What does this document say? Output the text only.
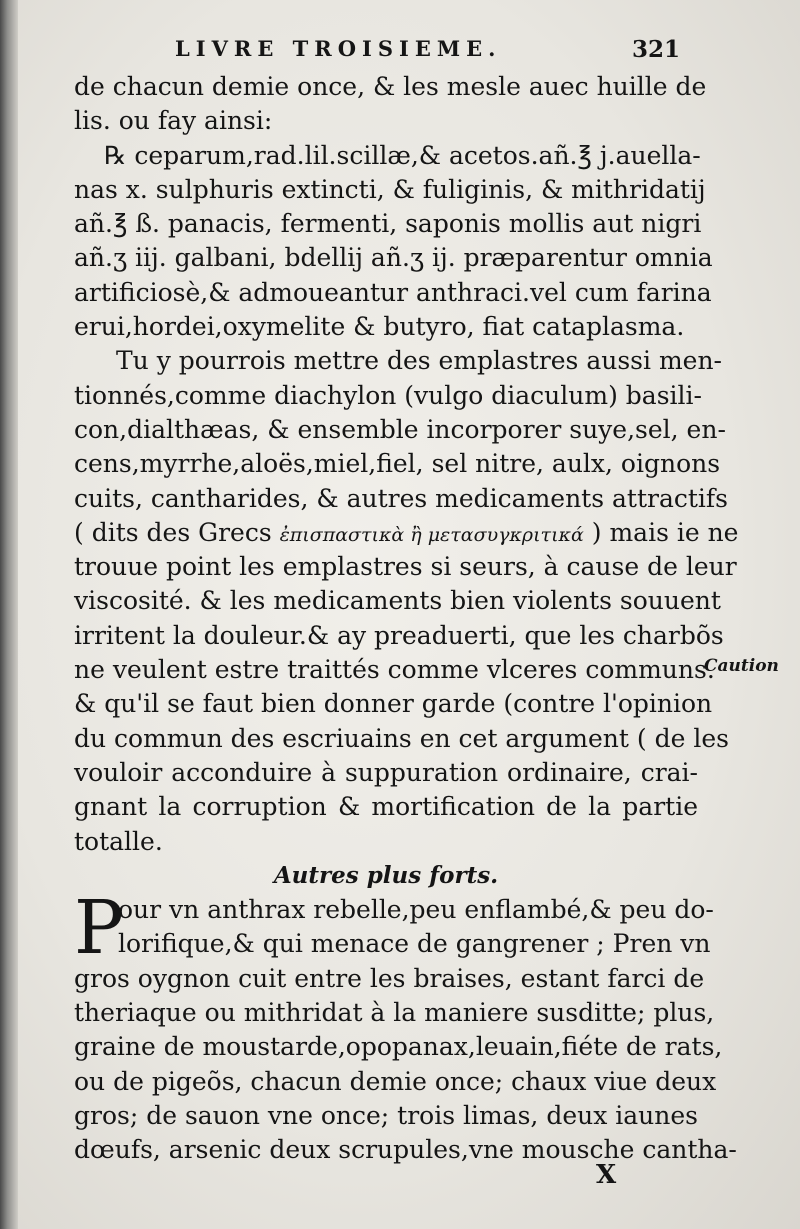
LIVRE TROISIEME.	321
de chacun demie once, & les mesle auec huille de
lis. ou fay ainsi:
℞ ceparum,rad.lil.scillæ,& acetos.añ.℥ j.auella-
nas x. sulphuris extincti, & fuliginis, & mithridatij
añ.℥ ß. panacis, fermenti, saponis mollis aut nigri
añ.ʒ iij. galbani, bdellij añ.ʒ ij. præparentur omnia
artificiosè,& admoueantur anthraci.vel cum farina
erui,hordei,oxymelite & butyro, fiat cataplasma.
Tu y pourrois mettre des emplastres aussi men-
tionnés,comme diachylon (vulgo diaculum) basili-
con,dialthæas, & ensemble incorporer suye,sel, en-
cens,myrrhe,aloës,miel,fiel, sel nitre, aulx, oignons
cuits, cantharides, & autres medicaments attractifs
( dits des Grecs ἐπισπαστικὰ ἢ μετασυγκριτικά ) mais ie ne
trouue point les emplastres si seurs, à cause de leur
viscosité. & les medicaments bien violents souuent
irritent la douleur.& ay preaduerti, que les charbõs
ne veulent estre traittés comme vlceres communs.
& qu'il se faut bien donner garde (contre l'opinion
du commun des escriuains en cet argument ( de les
vouloir acconduire à suppuration ordinaire, crai-
gnant la corruption & mortification de la partie
totalle.
Autres plus forts.
P
our vn anthrax rebelle,peu enflambé,& peu do-
lorifique,& qui menace de gangrener ; Pren vn
gros oygnon cuit entre les braises, estant farci de
theriaque ou mithridat à la maniere susditte; plus,
graine de moustarde,opopanax,leuain,fiéte de rats,
ou de pigeõs, chacun demie once; chaux viue deux
gros; de sauon vne once; trois limas, deux iaunes
dœufs, arsenic deux scrupules,vne mousche cantha-
Caution
X
